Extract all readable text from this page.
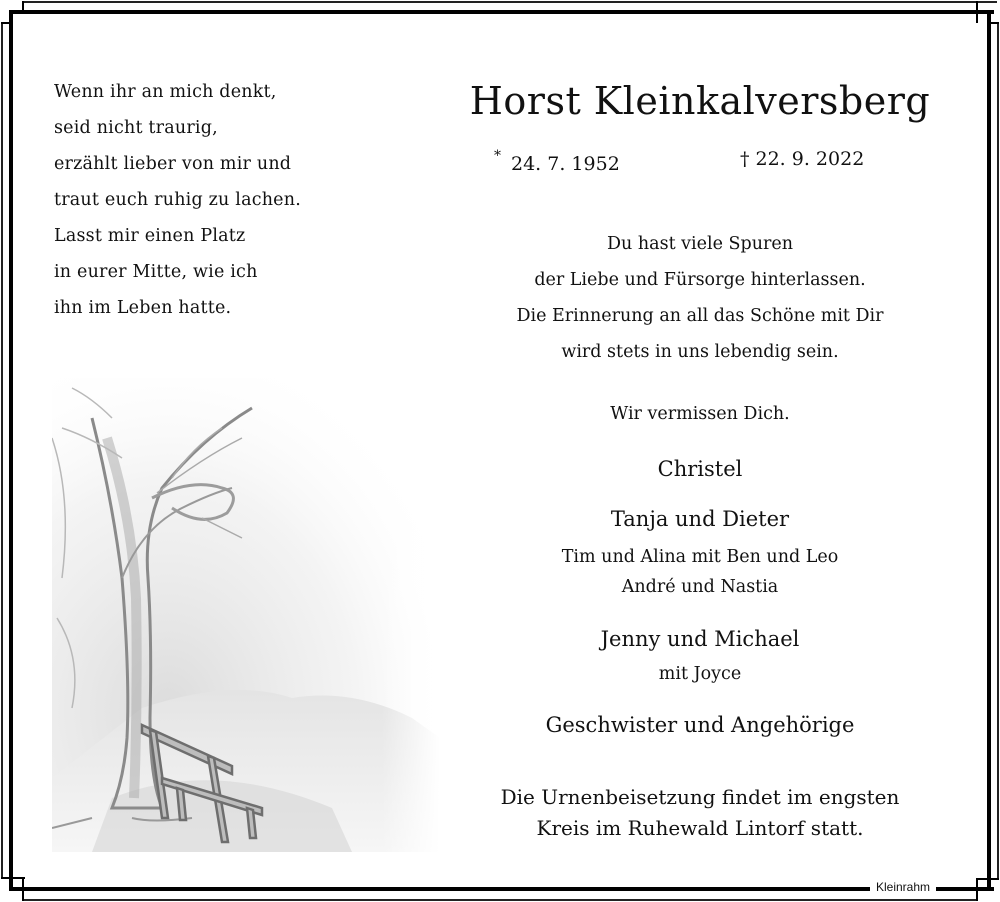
Kleinrahm
Wenn ihr an mich denkt,
seid nicht traurig,
erzählt lieber von mir und
traut euch ruhig zu lachen.
Lasst mir einen Platz
in eurer Mitte, wie ich
ihn im Leben hatte.
Horst Kleinkalversberg
* 24. 7. 1952	† 22. 9. 2022
Du hast viele Spuren
der Liebe und Fürsorge hinterlassen.
Die Erinnerung an all das Schöne mit Dir
wird stets in uns lebendig sein.
Wir vermissen Dich.
Christel
Tanja und Dieter
Tim und Alina mit Ben und Leo
André und Nastia
Jenny und Michael
mit Joyce
Geschwister und Angehörige
Die Urnenbeisetzung findet im engsten
Kreis im Ruhewald Lintorf statt.
